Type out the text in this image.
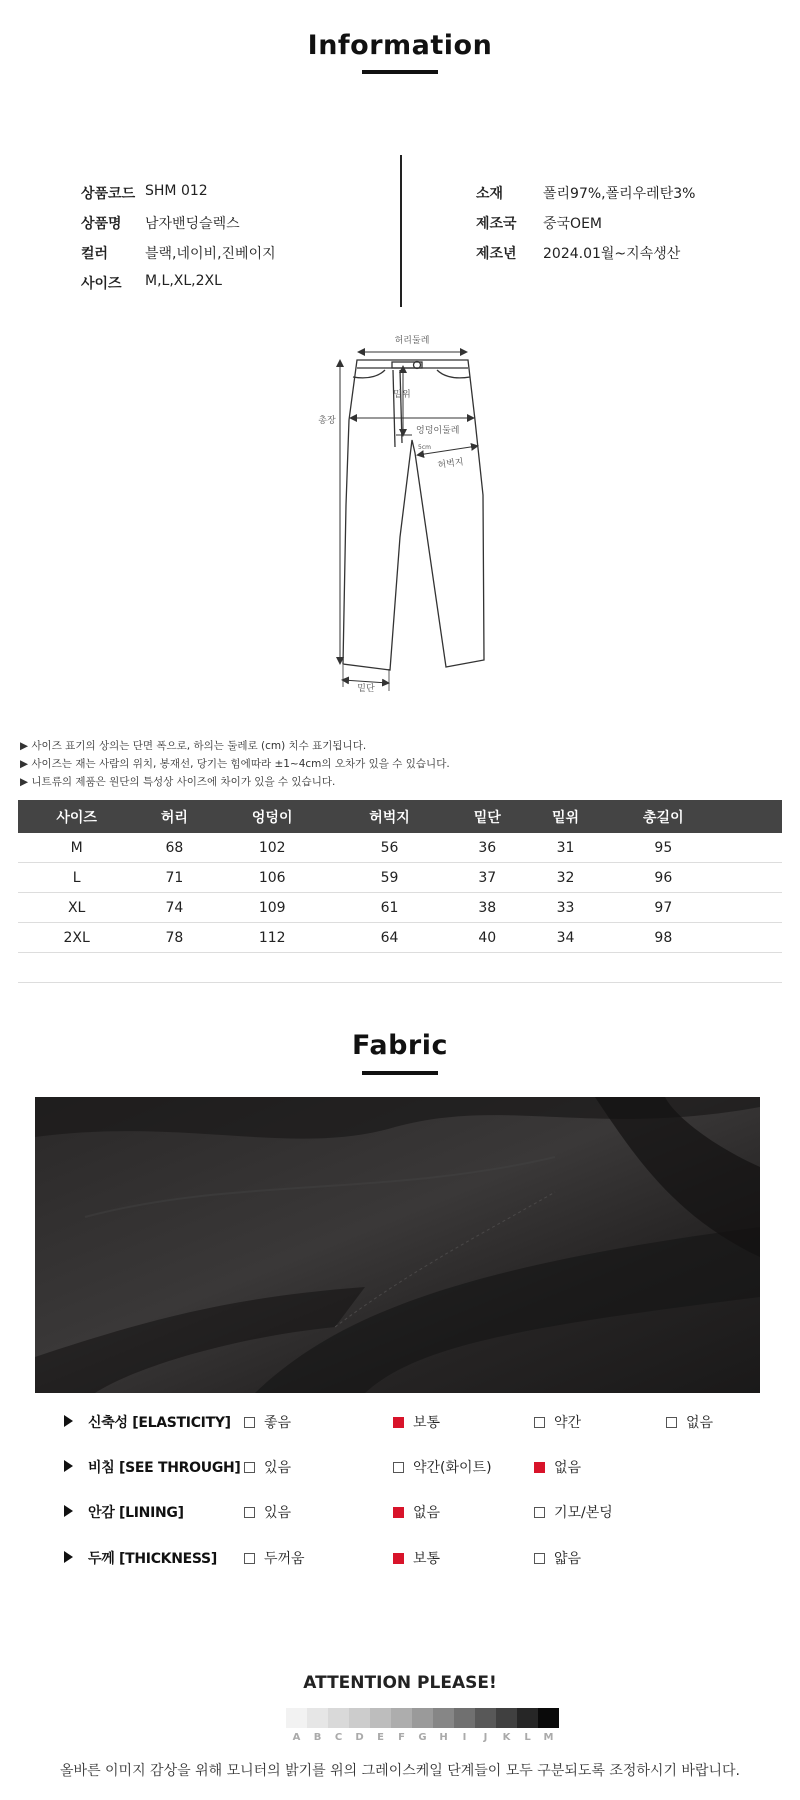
Information
상품코드 SHM 012
상품명 남자밴딩슬렉스
컬러	블랙,네이비,진베이지
사이즈 M,L,XL,2XL
소재	폴리97%,폴리우레탄3%
제조국 중국OEM
제조년 2024.01월~지속생산
허리둘레
총장
밑위
엉덩이둘레
5cm
허벅지
밑단
▶ 사이즈 표기의 상의는 단면 폭으로, 하의는 둘레로 (cm) 치수 표기됩니다.
▶ 사이즈는 재는 사람의 위치, 봉재선, 당기는 힘에따라 ±1~4cm의 오차가 있을 수 있습니다.
▶ 니트류의 제품은 원단의 특성상 사이즈에 차이가 있을 수 있습니다.
사이즈	허리	엉덩이	허벅지	밑단	밑위	총길이	
M	68	102	56	36	31	95	
L	71	106	59	37	32	96	
XL	74	109	61	38	33	97	
2XL	78	112	64	40	34	98	

Fabric
신축성 [ELASTICITY]	좋음	보통	약간	없음
비침 [SEE THROUGH]	있음	약간(화이트)	없음
안감 [LINING]	있음	없음	기모/본딩
두께 [THICKNESS]	두꺼움	보통	얇음
ATTENTION PLEASE!
A	B	C	D	E	F	G	H	I	J	K	L	M
올바른 이미지 감상을 위해 모니터의 밝기를 위의 그레이스케일 단계들이 모두 구분되도록 조정하시기 바랍니다.
